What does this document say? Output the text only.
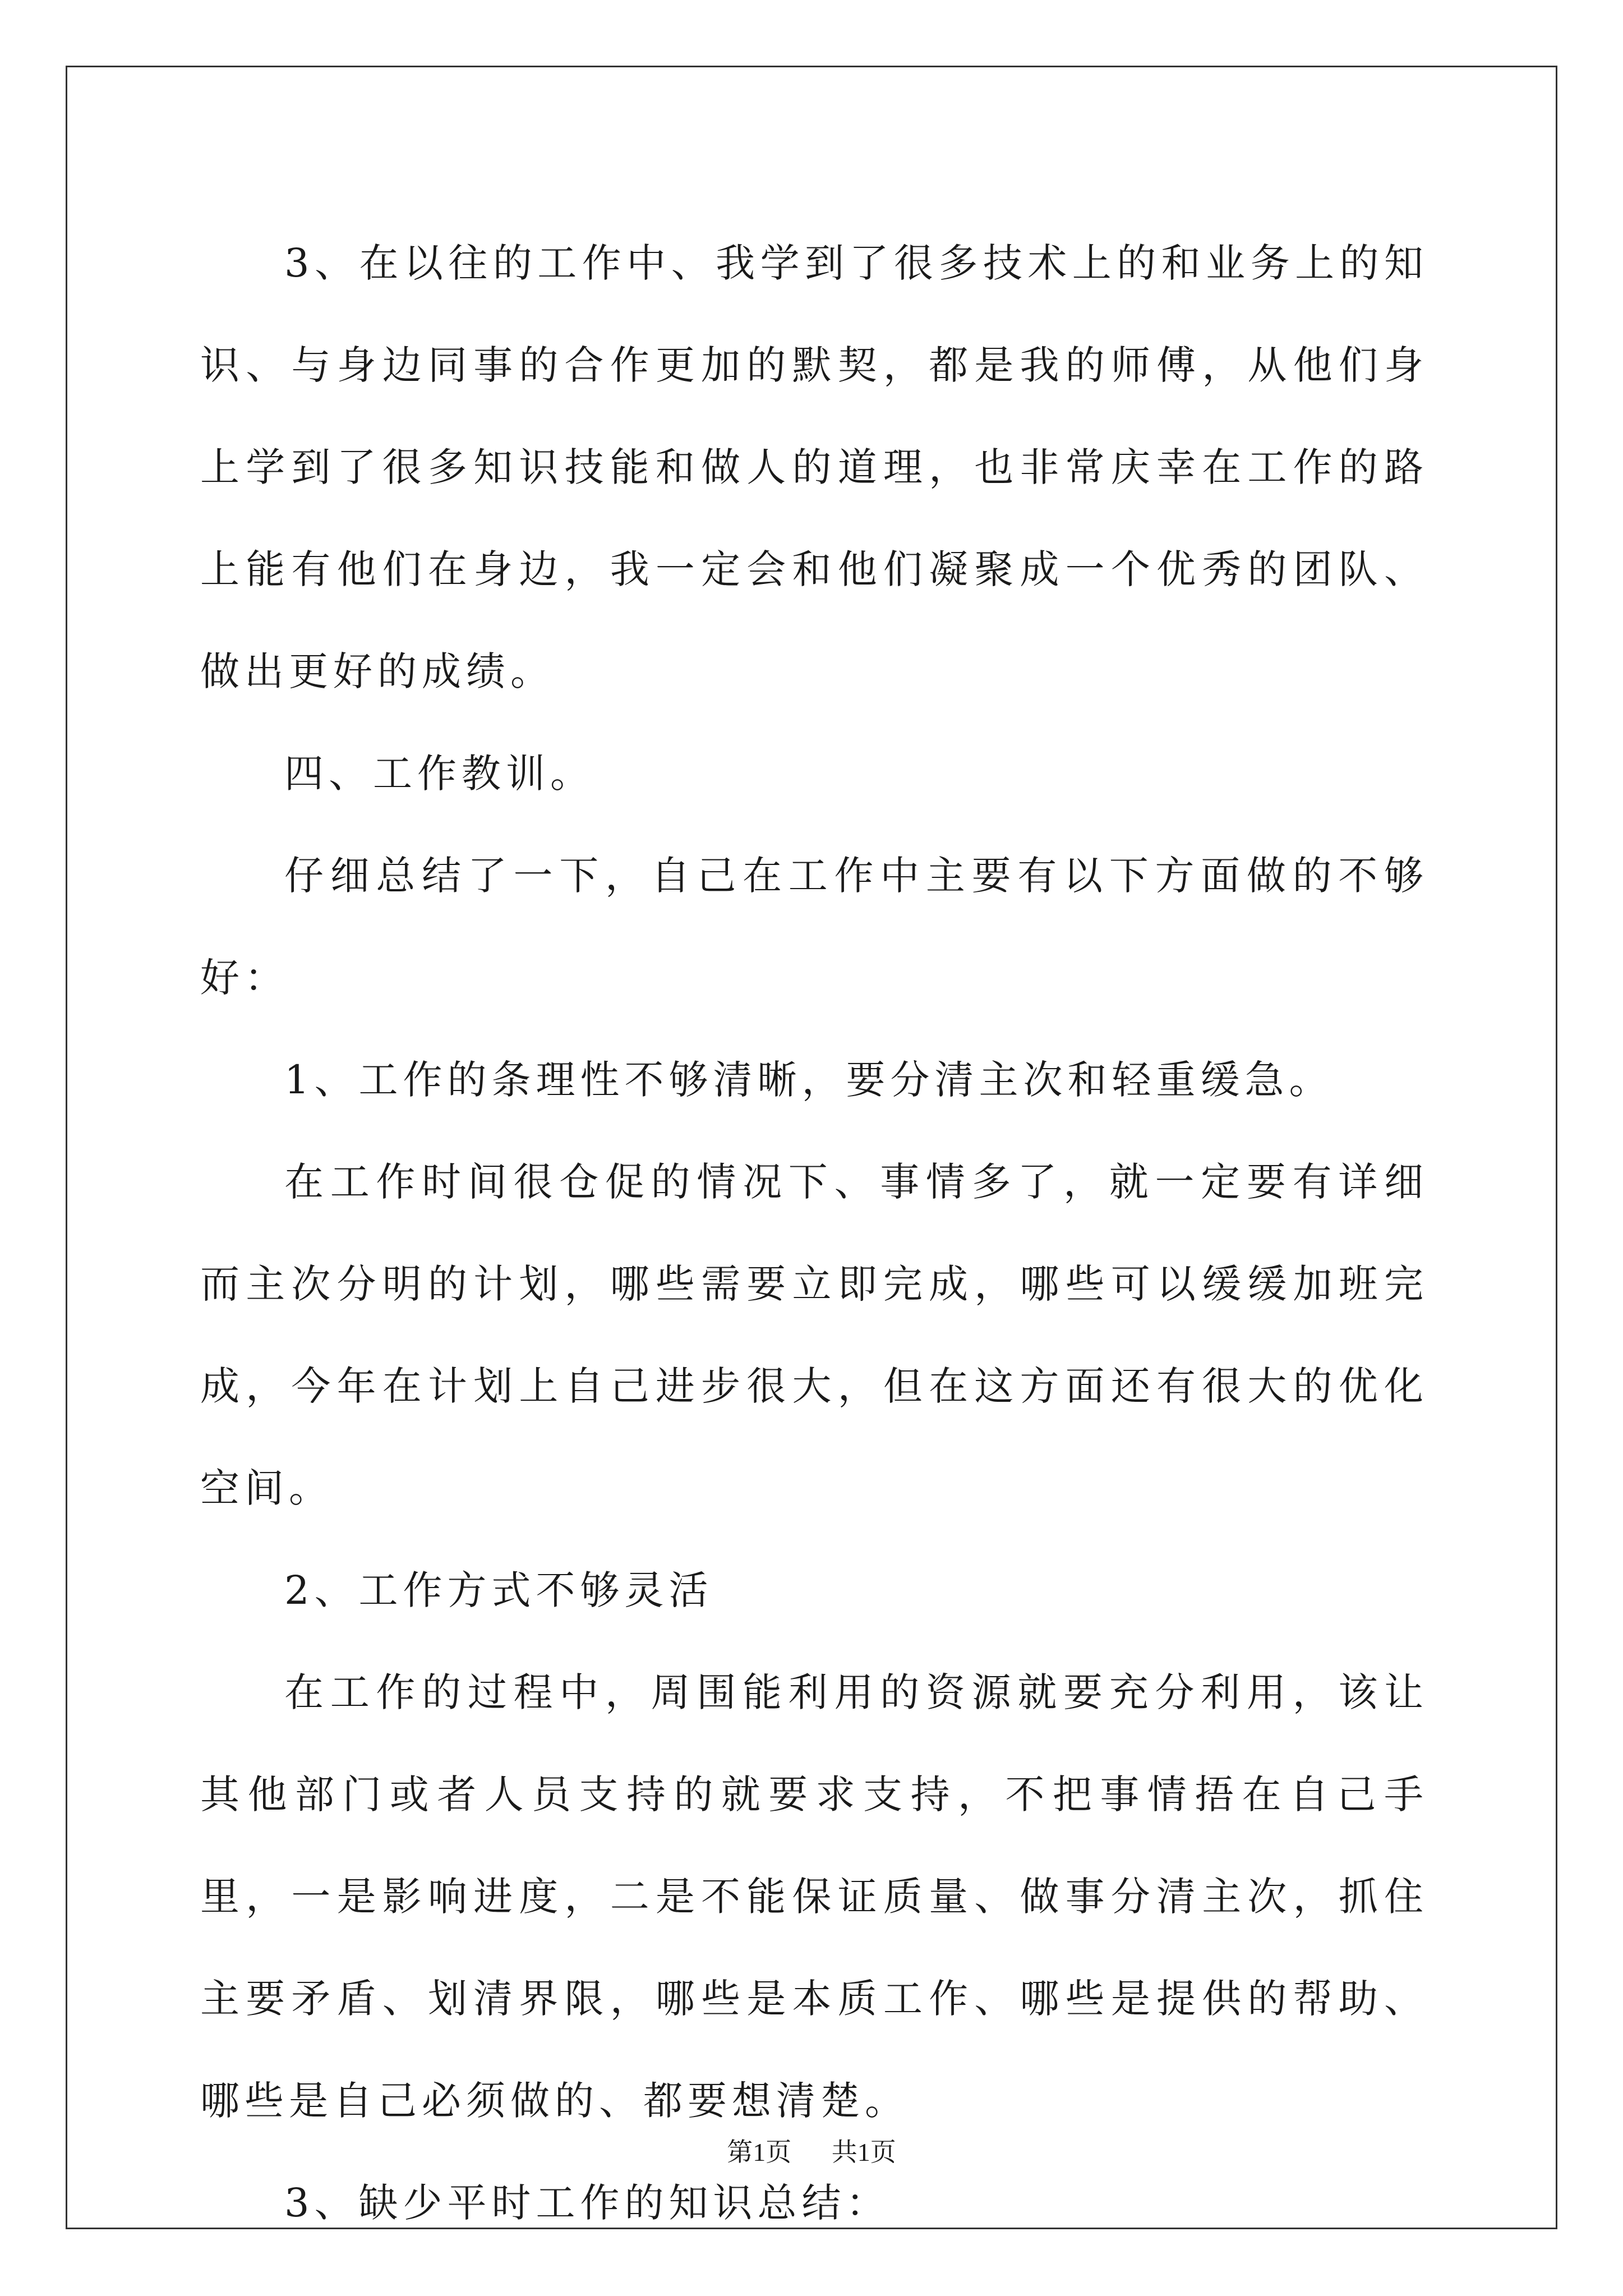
3、在以往的工作中、我学到了很多技术上的和业务上的知识、与身边同事的合作更加的默契，都是我的师傅，从他们身上学到了很多知识技能和做人的道理，也非常庆幸在工作的路上能有他们在身边，我一定会和他们凝聚成一个优秀的团队、做出更好的成绩。

四、工作教训。

仔细总结了一下，自己在工作中主要有以下方面做的不够好：

1、工作的条理性不够清晰，要分清主次和轻重缓急。

在工作时间很仓促的情况下、事情多了，就一定要有详细而主次分明的计划，哪些需要立即完成，哪些可以缓缓加班完成，今年在计划上自己进步很大，但在这方面还有很大的优化空间。

2、工作方式不够灵活

在工作的过程中，周围能利用的资源就要充分利用，该让其他部门或者人员支持的就要求支持，不把事情捂在自己手里，一是影响进度，二是不能保证质量、做事分清主次，抓住主要矛盾、划清界限，哪些是本质工作、哪些是提供的帮助、哪些是自己必须做的、都要想清楚。

3、缺少平时工作的知识总结：

第1页 共1页
